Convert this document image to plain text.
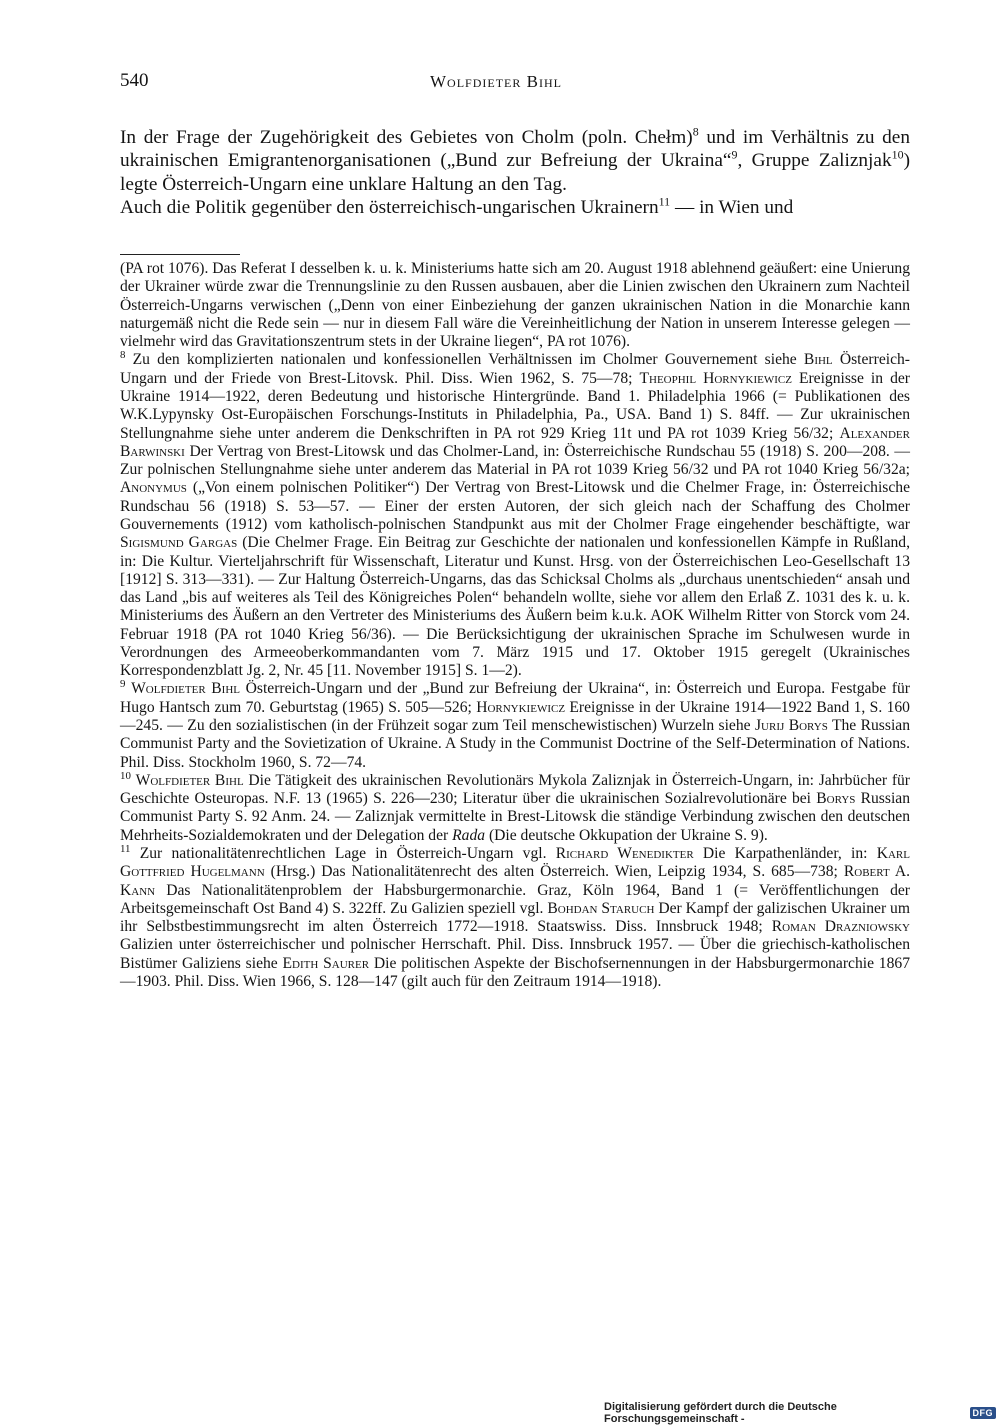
540	Wolfdieter Bihl

In der Frage der Zugehörigkeit des Gebietes von Cholm (poln. Chełm)$^8$ und im Verhältnis zu den ukrainischen Emigrantenorganisationen („Bund zur Befreiung der Ukraina“$^9$, Gruppe Zaliznjak$^{10}$) legte Österreich-Ungarn eine unklare Haltung an den Tag.

Auch die Politik gegenüber den österreichisch-ungarischen Ukrainern$^{11}$ — in Wien und

(PA rot 1076). Das Referat I desselben k. u. k. Ministeriums hatte sich am 20. August 1918 ablehnend geäußert: eine Unierung der Ukrainer würde zwar die Trennungslinie zu den Russen ausbauen, aber die Linien zwischen den Ukrainern zum Nachteil Österreich-Ungarns verwischen („Denn von einer Einbeziehung der ganzen ukrainischen Nation in die Monarchie kann naturgemäß nicht die Rede sein — nur in diesem Fall wäre die Vereinheitlichung der Nation in unserem Interesse gelegen — vielmehr wird das Gravitationszentrum stets in der Ukraine liegen“, PA rot 1076).

$^8$ Zu den komplizierten nationalen und konfessionellen Verhältnissen im Cholmer Gouvernement siehe Bihl Österreich-Ungarn und der Friede von Brest-Litovsk. Phil. Diss. Wien 1962, S. 75—78; Theophil Hornykiewicz Ereignisse in der Ukraine 1914—1922, deren Bedeutung und historische Hintergründe. Band 1. Philadelphia 1966 (= Publikationen des W.K.Lypynsky Ost-Europäischen Forschungs-Instituts in Philadelphia, Pa., USA. Band 1) S. 84ff. — Zur ukrainischen Stellungnahme siehe unter anderem die Denkschriften in PA rot 929 Krieg 11t und PA rot 1039 Krieg 56/32; Alexander Barwinski Der Vertrag von Brest-Litowsk und das Cholmer-Land, in: Österreichische Rundschau 55 (1918) S. 200—208. — Zur polnischen Stellungnahme siehe unter anderem das Material in PA rot 1039 Krieg 56/32 und PA rot 1040 Krieg 56/32a; Anonymus („Von einem polnischen Politiker“) Der Vertrag von Brest-Litowsk und die Chelmer Frage, in: Österreichische Rundschau 56 (1918) S. 53—57. — Einer der ersten Autoren, der sich gleich nach der Schaffung des Cholmer Gouvernements (1912) vom katholisch-polnischen Standpunkt aus mit der Cholmer Frage eingehender beschäftigte, war Sigismund Gargas (Die Chelmer Frage. Ein Beitrag zur Geschichte der nationalen und konfessionellen Kämpfe in Rußland, in: Die Kultur. Vierteljahrschrift für Wissenschaft, Literatur und Kunst. Hrsg. von der Österreichischen Leo-Gesellschaft 13 [1912] S. 313—331). — Zur Haltung Österreich-Ungarns, das das Schicksal Cholms als „durchaus unentschieden“ ansah und das Land „bis auf weiteres als Teil des Königreiches Polen“ behandeln wollte, siehe vor allem den Erlaß Z. 1031 des k. u. k. Ministeriums des Äußern an den Vertreter des Ministeriums des Äußern beim k.u.k. AOK Wilhelm Ritter von Storck vom 24. Februar 1918 (PA rot 1040 Krieg 56/36). — Die Berücksichtigung der ukrainischen Sprache im Schulwesen wurde in Verordnungen des Armeeoberkommandanten vom 7. März 1915 und 17. Oktober 1915 geregelt (Ukrainisches Korrespondenzblatt Jg. 2, Nr. 45 [11. November 1915] S. 1—2).

$^9$ Wolfdieter Bihl Österreich-Ungarn und der „Bund zur Befreiung der Ukraina“, in: Österreich und Europa. Festgabe für Hugo Hantsch zum 70. Geburtstag (1965) S. 505—526; Hornykiewicz Ereignisse in der Ukraine 1914—1922 Band 1, S. 160—245. — Zu den sozialistischen (in der Frühzeit sogar zum Teil menschewistischen) Wurzeln siehe Jurij Borys The Russian Communist Party and the Sovietization of Ukraine. A Study in the Communist Doctrine of the Self-Determination of Nations. Phil. Diss. Stockholm 1960, S. 72—74.

$^{10}$ Wolfdieter Bihl Die Tätigkeit des ukrainischen Revolutionärs Mykola Zaliznjak in Österreich-Ungarn, in: Jahrbücher für Geschichte Osteuropas. N.F. 13 (1965) S. 226—230; Literatur über die ukrainischen Sozialrevolutionäre bei Borys Russian Communist Party S. 92 Anm. 24. — Zaliznjak vermittelte in Brest-Litowsk die ständige Verbindung zwischen den deutschen Mehrheits-Sozialdemokraten und der Delegation der Rada (Die deutsche Okkupation der Ukraine S. 9).

$^{11}$ Zur nationalitätenrechtlichen Lage in Österreich-Ungarn vgl. Richard Wenedikter Die Karpathenländer, in: Karl Gottfried Hugelmann (Hrsg.) Das Nationalitätenrecht des alten Österreich. Wien, Leipzig 1934, S. 685—738; Robert A. Kann Das Nationalitätenproblem der Habsburgermonarchie. Graz, Köln 1964, Band 1 (= Veröffentlichungen der Arbeitsgemeinschaft Ost Band 4) S. 322ff. Zu Galizien speziell vgl. Bohdan Staruch Der Kampf der galizischen Ukrainer um ihr Selbstbestimmungsrecht im alten Österreich 1772—1918. Staatswiss. Diss. Innsbruck 1948; Roman Drazniowsky Galizien unter österreichischer und polnischer Herrschaft. Phil. Diss. Innsbruck 1957. — Über die griechisch-katholischen Bistümer Galiziens siehe Edith Saurer Die politischen Aspekte der Bischofsernennungen in der Habsburgermonarchie 1867—1903. Phil. Diss. Wien 1966, S. 128—147 (gilt auch für den Zeitraum 1914—1918).

Digitalisierung gefördert durch die Deutsche Forschungsgemeinschaft -	DFG
